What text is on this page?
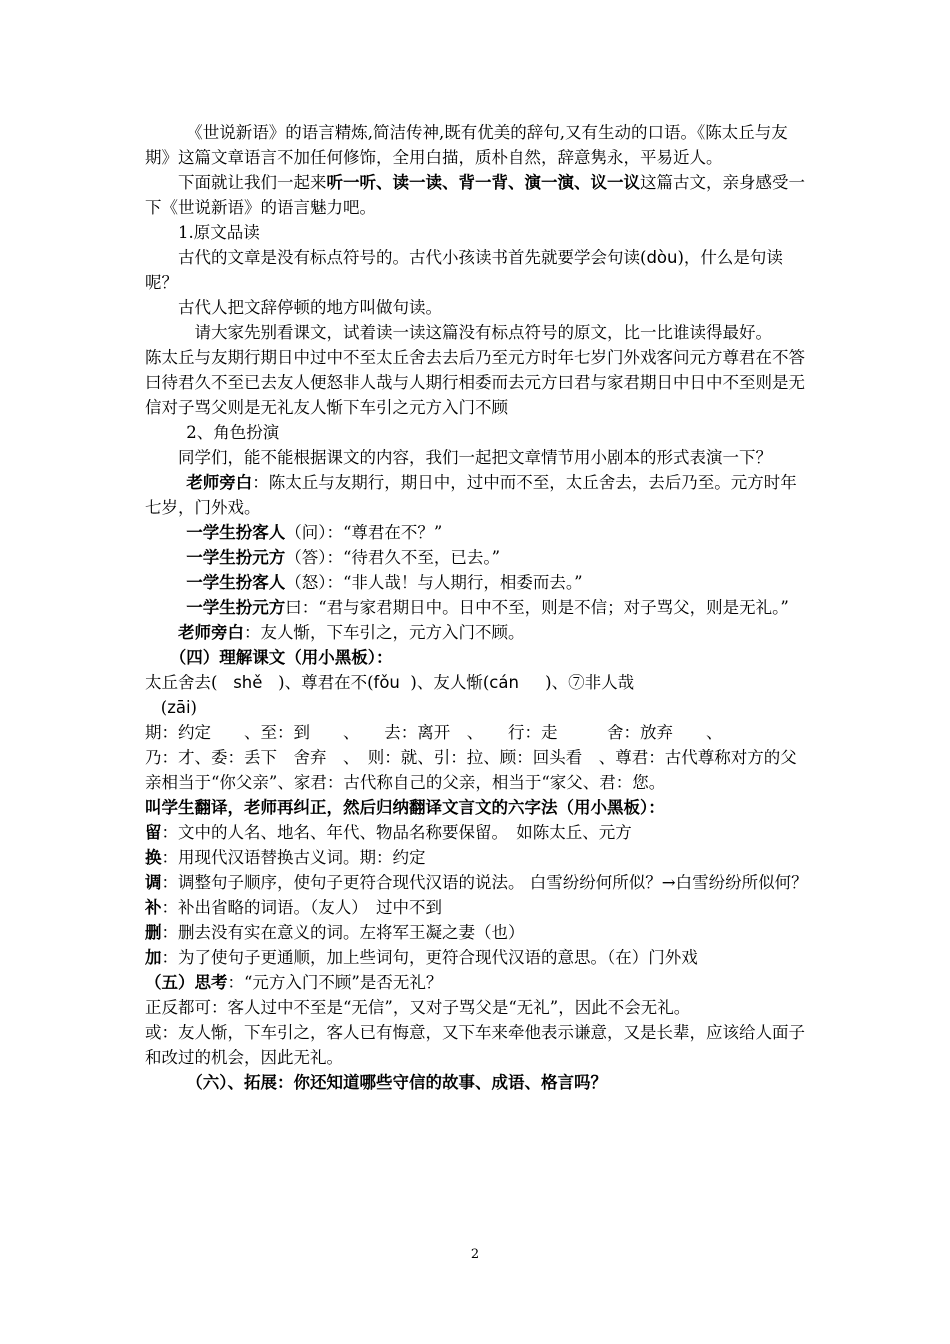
《世说新语》的语言精炼,简洁传神,既有优美的辞句,又有生动的口语。《陈太丘与友期》这篇文章语言不加任何修饰，全用白描，质朴自然，辞意隽永，平易近人。

下面就让我们一起来听一听、读一读、背一背、演一演、议一议这篇古文，亲身感受一下《世说新语》的语言魅力吧。

1.原文品读

古代的文章是没有标点符号的。古代小孩读书首先就要学会句读(dòu)，什么是句读呢？

古代人把文辞停顿的地方叫做句读。

请大家先别看课文，试着读一读这篇没有标点符号的原文，比一比谁读得最好。

陈太丘与友期行期日中过中不至太丘舍去去后乃至元方时年七岁门外戏客问元方尊君在不答曰待君久不至已去友人便怒非人哉与人期行相委而去元方曰君与家君期日中日中不至则是无信对子骂父则是无礼友人惭下车引之元方入门不顾

2、角色扮演

同学们，能不能根据课文的内容，我们一起把文章情节用小剧本的形式表演一下？

老师旁白：陈太丘与友期行，期日中，过中而不至，太丘舍去，去后乃至。元方时年七岁，门外戏。

一学生扮客人（问）：“尊君在不？”

一学生扮元方（答）：“待君久不至，已去。”

一学生扮客人（怒）：“非人哉！与人期行，相委而去。”

一学生扮元方曰：“君与家君期日中。日中不至，则是不信；对子骂父，则是无礼。”

老师旁白：友人惭，下车引之，元方入门不顾。

（四）理解课文（用小黑板）：

太丘舍去( shě )、尊君在不(fǒu )、友人惭(cán )、⑦非人哉
(zāi)

期：约定　　、至：到　　、　　去：离开　、　　行：走　　　舍：放弃　　、

乃：才、委：丢下　舍弃　、　则：就、引：拉、顾：回头看　、尊君：古代尊称对方的父亲相当于“你父亲”、家君：古代称自己的父亲，相当于“家父、君：您。

叫学生翻译，老师再纠正，然后归纳翻译文言文的六字法（用小黑板）：

留：文中的人名、地名、年代、物品名称要保留。　如陈太丘、元方

换：用现代汉语替换古义词。期：约定

调：调整句子顺序，使句子更符合现代汉语的说法。 白雪纷纷何所似？→白雪纷纷所似何？

补：补出省略的词语。（友人）　过中不到

删：删去没有实在意义的词。左将军王凝之妻（也）

加：为了使句子更通顺，加上些词句，更符合现代汉语的意思。（在）门外戏

（五）思考：“元方入门不顾”是否无礼？

正反都可：客人过中不至是“无信”，又对子骂父是“无礼”，因此不会无礼。

或：友人惭，下车引之，客人已有悔意，又下车来牵他表示谦意，又是长辈，应该给人面子和改过的机会，因此无礼。

（六）、拓展：你还知道哪些守信的故事、成语、格言吗？

2
